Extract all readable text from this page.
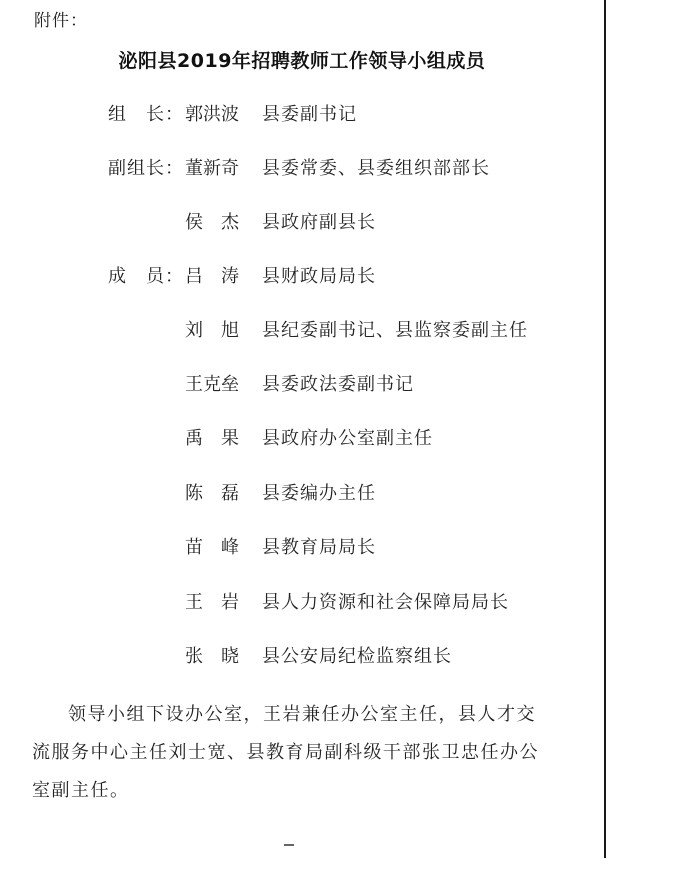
附件：
泌阳县2019年招聘教师工作领导小组成员
组　长： 郭洪波 县委副书记
副组长： 董新奇 县委常委、县委组织部部长
侯　杰 县政府副县长
成　员： 吕　涛 县财政局局长
刘　旭 县纪委副书记、县监察委副主任
王克垒 县委政法委副书记
禹　果 县政府办公室副主任
陈　磊 县委编办主任
苗　峰 县教育局局长
王　岩 县人力资源和社会保障局局长
张　晓 县公安局纪检监察组长
领导小组下设办公室，王岩兼任办公室主任，县人才交流服务中心主任刘士宽、县教育局副科级干部张卫忠任办公室副主任。
